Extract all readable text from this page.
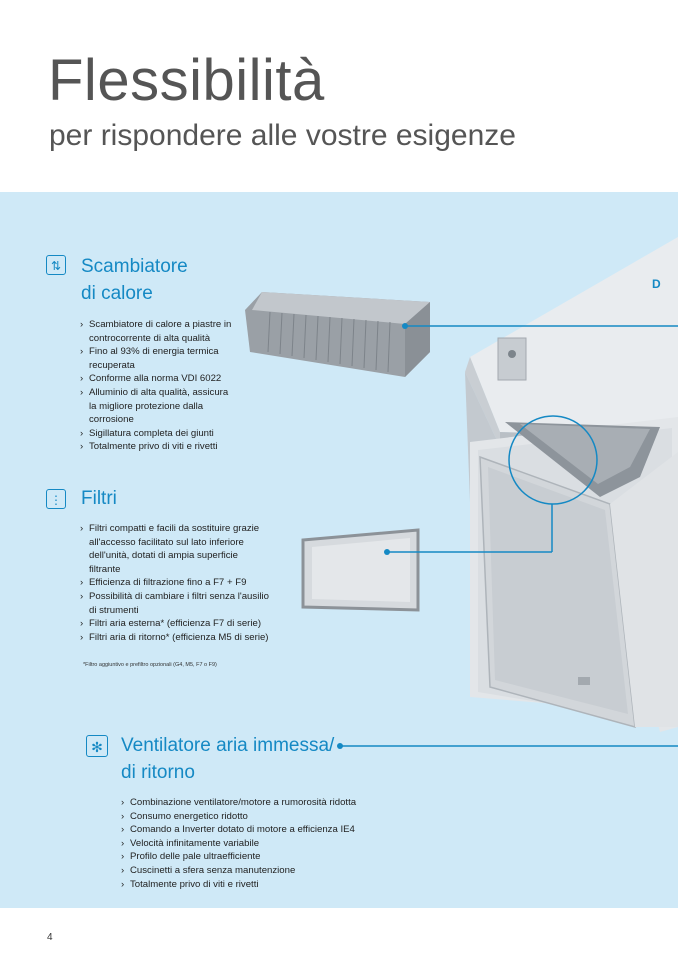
Flessibilità
per rispondere alle vostre esigenze
D
⇅ Scambiatore
di calore
› Scambiatore di calore a piastre in
controcorrente di alta qualità
› Fino al 93% di energia termica
recuperata
› Conforme alla norma VDI 6022
› Alluminio di alta qualità, assicura
la migliore protezione dalla
corrosione
› Sigillatura completa dei giunti
› Totalmente privo di viti e rivetti
⋮ Filtri
› Filtri compatti e facili da sostituire grazie
all'accesso facilitato sul lato inferiore
dell'unità, dotati di ampia superficie
filtrante
› Efficienza di filtrazione fino a F7 + F9
› Possibilità di cambiare i filtri senza l'ausilio
di strumenti
› Filtri aria esterna* (efficienza F7 di serie)
› Filtri aria di ritorno* (efficienza M5 di serie)
*Filtro aggiuntivo e prefiltro opzionali (G4, M5, F7 o F9)
✻ Ventilatore aria immessa/
di ritorno
› Combinazione ventilatore/motore a rumorosità ridotta
› Consumo energetico ridotto
› Comando a Inverter dotato di motore a efficienza IE4
› Velocità infinitamente variabile
› Profilo delle pale ultraefficiente
› Cuscinetti a sfera senza manutenzione
› Totalmente privo di viti e rivetti
4
